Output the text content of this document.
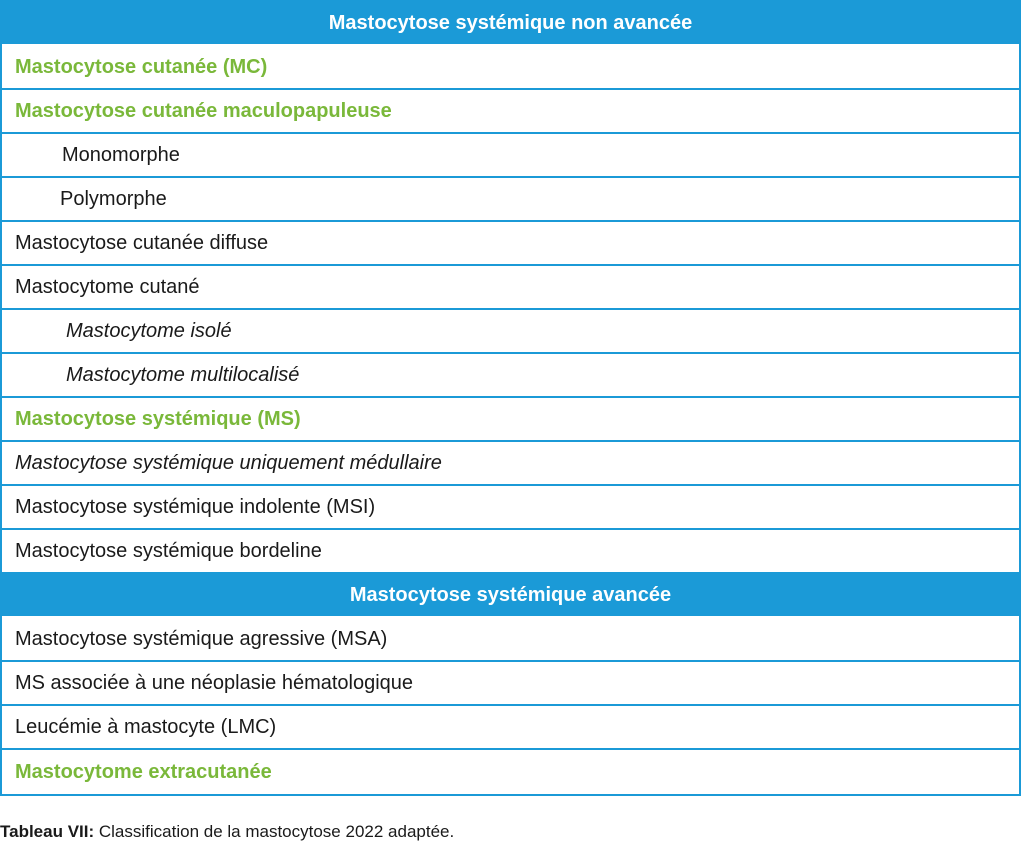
Mastocytose systémique non avancée
Mastocytose cutanée (MC)
Mastocytose cutanée maculopapuleuse
Monomorphe
Polymorphe
Mastocytose cutanée diffuse
Mastocytome cutané
Mastocytome isolé
Mastocytome multilocalisé
Mastocytose systémique (MS)
Mastocytose systémique uniquement médullaire
Mastocytose systémique indolente (MSI)
Mastocytose systémique bordeline
Mastocytose systémique avancée
Mastocytose systémique agressive (MSA)
MS associée à une néoplasie hématologique
Leucémie à mastocyte (LMC)
Mastocytome extracutanée
Tableau VII: Classification de la mastocytose 2022 adaptée.
